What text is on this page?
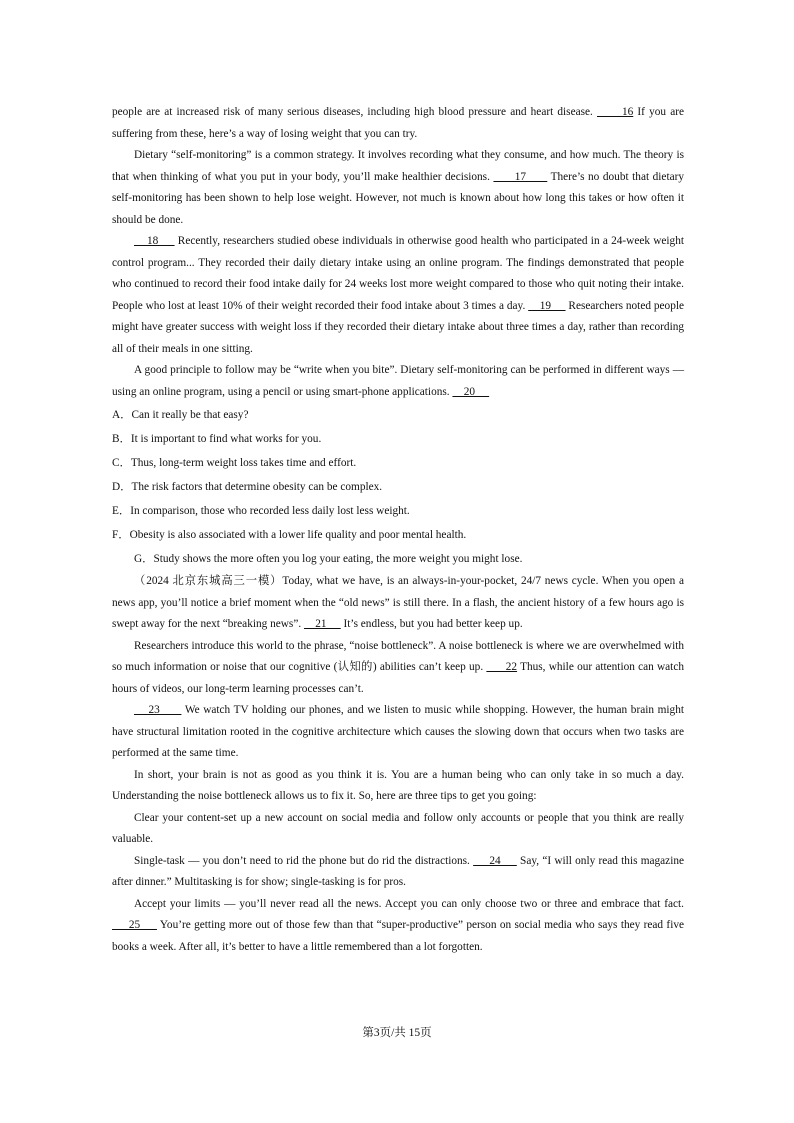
people are at increased risk of many serious diseases, including high blood pressure and heart disease.       16 If you are suffering from these, here’s a way of losing weight that you can try.

Dietary “self-monitoring” is a common strategy. It involves recording what they consume, and how much. The theory is that when thinking of what you put in your body, you’ll make healthier decisions.       17       There’s no doubt that dietary self-monitoring has been shown to help lose weight. However, not much is known about how long this takes or how often it should be done.

18      Recently, researchers studied obese individuals in otherwise good health who participated in a 24-week weight control program... They recorded their daily dietary intake using an online program. The findings demonstrated that people who continued to record their food intake daily for 24 weeks lost more weight compared to those who quit noting their intake. People who lost at least 10% of their weight recorded their food intake about 3 times a day.     19      Researchers noted people might have greater success with weight loss if they recorded their dietary intake about three times a day, rather than recording all of their meals in one sitting.

A good principle to follow may be “write when you bite”. Dietary self-monitoring can be performed in different ways — using an online program, using a pencil or using smart-phone applications.     20

A．Can it really be that easy?

B．It is important to find what works for you.

C．Thus, long-term weight loss takes time and effort.

D．The risk factors that determine obesity can be complex.

E．In comparison, those who recorded less daily lost less weight.

F．Obesity is also associated with a lower life quality and poor mental health.

G．Study shows the more often you log your eating, the more weight you might lose.

（2024 北京东城高三一模）Today, what we have, is an always-in-your-pocket, 24/7 news cycle. When you open a news app, you’ll notice a brief moment when the “old news” is still there. In a flash, the ancient history of a few hours ago is swept away for the next “breaking news”.     21      It’s endless, but you had better keep up.

Researchers introduce this world to the phrase, “noise bottleneck”. A noise bottleneck is where we are overwhelmed with so much information or noise that our cognitive (认知的) abilities can’t keep up.       22 Thus, while our attention can watch hours of videos, our long-term learning processes can’t.

23       We watch TV holding our phones, and we listen to music while shopping. However, the human brain might have structural limitation rooted in the cognitive architecture which causes the slowing down that occurs when two tasks are performed at the same time.

In short, your brain is not as good as you think it is. You are a human being who can only take in so much a day. Understanding the noise bottleneck allows us to fix it. So, here are three tips to get you going:

Clear your content-set up a new account on social media and follow only accounts or people that you think are really valuable.

Single-task — you don’t need to rid the phone but do rid the distractions.      24      Say, “I will only read this magazine after dinner.” Multitasking is for show; single-tasking is for pros.

Accept your limits — you’ll never read all the news. Accept you can only choose two or three and embrace that fact.      25      You’re getting more out of those few than that “super-productive” person on social media who says they read five books a week. After all, it’s better to have a little remembered than a lot forgotten.

第3页/共 15页
